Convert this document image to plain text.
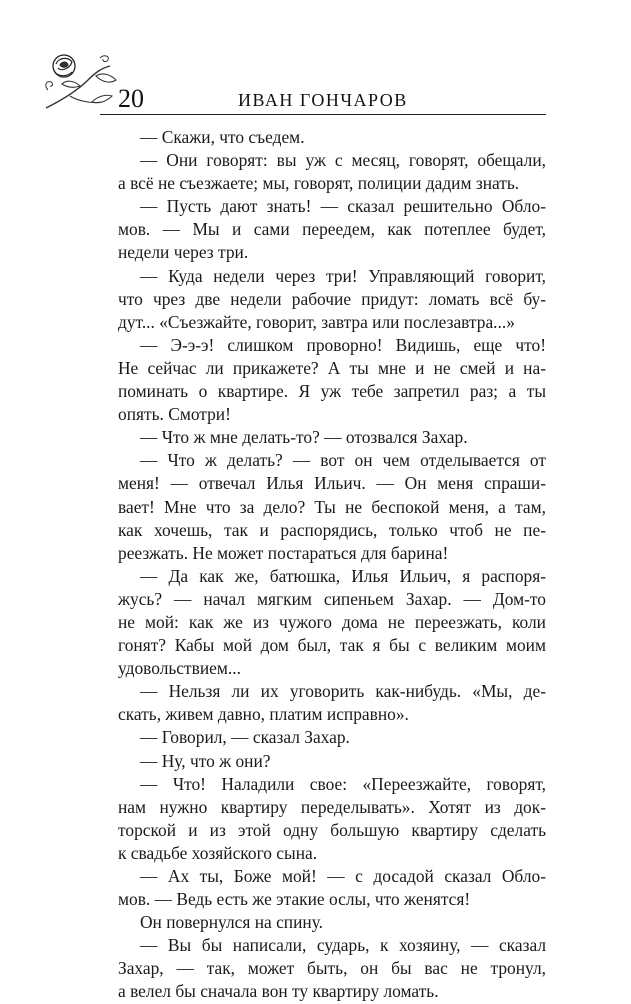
20	ИВАН ГОНЧАРОВ
— Скажи, что съедем.
— Они говорят: вы уж с месяц, говорят, обещали,
а всё не съезжаете; мы, говорят, полиции дадим знать.
— Пусть дают знать! — сказал решительно Обло-
мов. — Мы и сами переедем, как потеплее будет,
недели через три.
— Куда недели через три! Управляющий говорит,
что чрез две недели рабочие придут: ломать всё бу-
дут... «Съезжайте, говорит, завтра или послезавтра...»
— Э-э-э! слишком проворно! Видишь, еще что!
Не сейчас ли прикажете? А ты мне и не смей и на-
поминать о квартире. Я уж тебе запретил раз; а ты
опять. Смотри!
— Что ж мне делать-то? — отозвался Захар.
— Что ж делать? — вот он чем отделывается от
меня! — отвечал Илья Ильич. — Он меня спраши-
вает! Мне что за дело? Ты не беспокой меня, а там,
как хочешь, так и распорядись, только чтоб не пе-
реезжать. Не может постараться для барина!
— Да как же, батюшка, Илья Ильич, я распоря-
жусь? — начал мягким сипеньем Захар. — Дом-то
не мой: как же из чужого дома не переезжать, коли
гонят? Кабы мой дом был, так я бы с великим моим
удовольствием...
— Нельзя ли их уговорить как-нибудь. «Мы, де-
скать, живем давно, платим исправно».
— Говорил, — сказал Захар.
— Ну, что ж они?
— Что! Наладили свое: «Переезжайте, говорят,
нам нужно квартиру переделывать». Хотят из док-
торской и из этой одну большую квартиру сделать
к свадьбе хозяйского сына.
— Ах ты, Боже мой! — с досадой сказал Обло-
мов. — Ведь есть же этакие ослы, что женятся!
Он повернулся на спину.
— Вы бы написали, сударь, к хозяину, — сказал
Захар, — так, может быть, он бы вас не тронул,
а велел бы сначала вон ту квартиру ломать.
